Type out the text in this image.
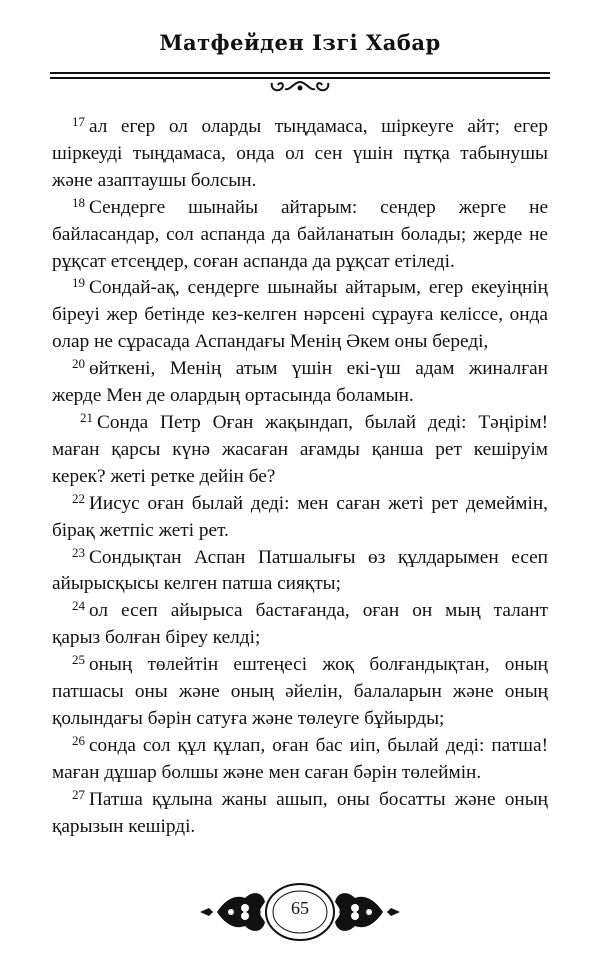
Матфейден Ізгі Хабар
$^{17}$ ал егер ол оларды тыңдамаса, шіркеуге айт; егер
шіркеуді тыңдамаса, онда ол сен үшін пұтқа табынушы
және азаптаушы болсын.
$^{18}$ Сендерге шынайы айтарым: сендер жерге не
байласандар, сол аспанда да байланатын болады; жерде не
рұқсат етсеңдер, соған аспанда да рұқсат етіледі.
$^{19}$ Сондай-ақ, сендерге шынайы айтарым, егер екеуіңнің
біреуі жер бетінде кез-келген нәрсені сұрауға келіссе, онда
олар не сұрасада Аспандағы Менің Әкем оны береді,
$^{20}$ өйткені, Менің атым үшін екі-үш адам жиналған
жерде Мен де олардың ортасында боламын.
$^{21}$ Сонда Петр Оған жақындап, былай деді: Тәңірім!
маған қарсы күнә жасаған ағамды қанша рет кешіруім
керек? жеті ретке дейін бе?
$^{22}$ Иисус оған былай деді: мен саған жеті рет демеймін,
бірақ жетпіс жеті рет.
$^{23}$ Сондықтан Аспан Патшалығы өз құлдарымен есеп
айырысқысы келген патша сияқты;
$^{24}$ ол есеп айырыса бастағанда, оған он мың талант
қарыз болған біреу келді;
$^{25}$ оның төлейтін ештеңесі жоқ болғандықтан, оның
патшасы оны және оның әйелін, балаларын және оның
қолындағы бәрін сатуға және төлеуге бұйырды;
$^{26}$ сонда сол құл құлап, оған бас иіп, былай деді: патша!
маған дұшар болшы және мен саған бәрін төлеймін.
$^{27}$ Патша құлына жаны ашып, оны босатты және оның
қарызын кешірді.
65
